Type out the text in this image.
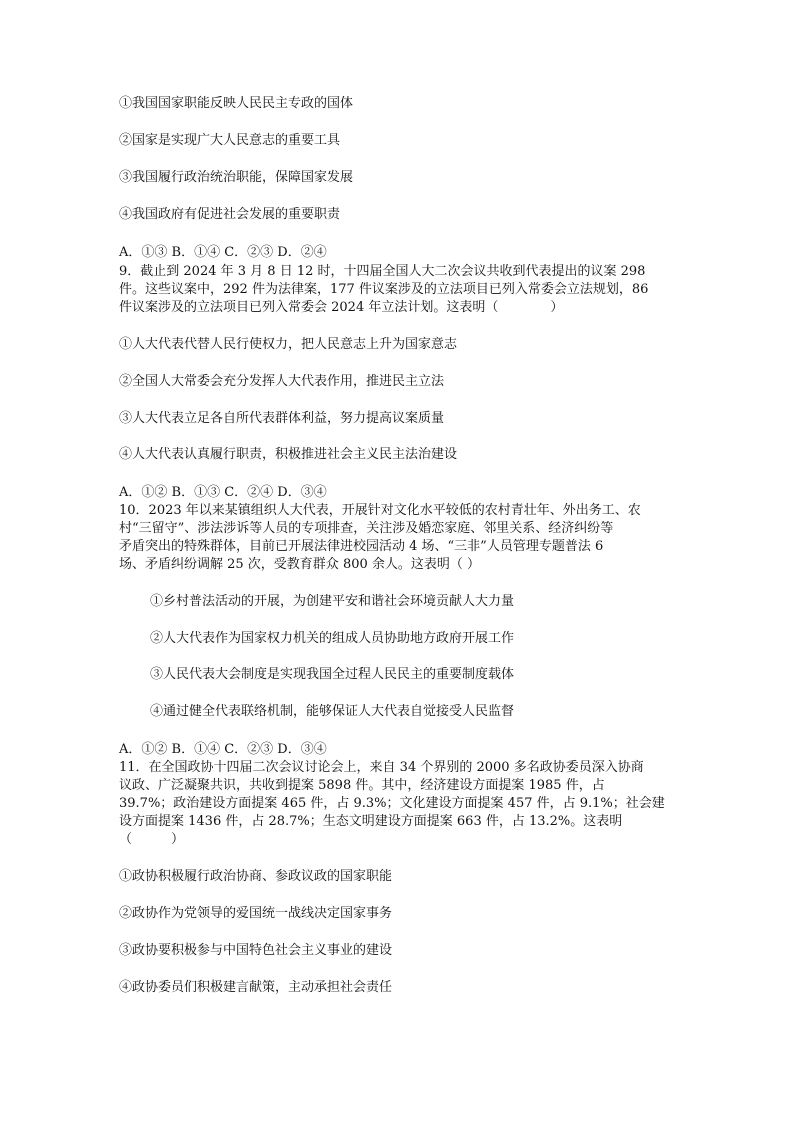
①我国国家职能反映人民民主专政的国体
②国家是实现广大人民意志的重要工具
③我国履行政治统治职能，保障国家发展
④我国政府有促进社会发展的重要职责
A．①③ B．①④ C．②③ D．②④
9．截止到 2024 年 3 月 8 日 12 时，十四届全国人大二次会议共收到代表提出的议案 298
件。这些议案中，292 件为法律案，177 件议案涉及的立法项目已列入常委会立法规划，86
件议案涉及的立法项目已列入常委会 2024 年立法计划。这表明（　　　　）
①人大代表代替人民行使权力，把人民意志上升为国家意志
②全国人大常委会充分发挥人大代表作用，推进民主立法
③人大代表立足各自所代表群体利益，努力提高议案质量
④人大代表认真履行职责，积极推进社会主义民主法治建设
A．①② B．①③ C．②④ D．③④
10．2023 年以来某镇组织人大代表，开展针对文化水平较低的农村青壮年、外出务工、农
村“三留守”、涉法涉诉等人员的专项排查，关注涉及婚恋家庭、邻里关系、经济纠纷等
矛盾突出的特殊群体，目前已开展法律进校园活动 4 场、“三非”人员管理专题普法 6
场、矛盾纠纷调解 25 次，受教育群众 800 余人。这表明（ ）
①乡村普法活动的开展，为创建平安和谐社会环境贡献人大力量
②人大代表作为国家权力机关的组成人员协助地方政府开展工作
③人民代表大会制度是实现我国全过程人民民主的重要制度载体
④通过健全代表联络机制，能够保证人大代表自觉接受人民监督
A．①② B．①④ C．②③ D．③④
11．在全国政协十四届二次会议讨论会上，来自 34 个界别的 2000 多名政协委员深入协商
议政、广泛凝聚共识，共收到提案 5898 件。其中，经济建设方面提案 1985 件，占
39.7%；政治建设方面提案 465 件，占 9.3%；文化建设方面提案 457 件，占 9.1%；社会建
设方面提案 1436 件，占 28.7%；生态文明建设方面提案 663 件，占 13.2%。这表明
（　　　）
①政协积极履行政治协商、参政议政的国家职能
②政协作为党领导的爱国统一战线决定国家事务
③政协要积极参与中国特色社会主义事业的建设
④政协委员们积极建言献策，主动承担社会责任
